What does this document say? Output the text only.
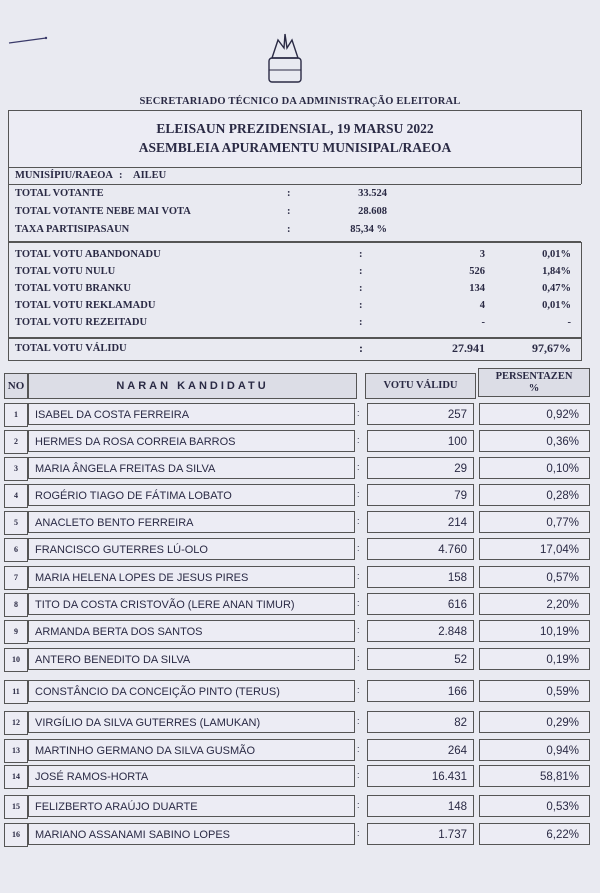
SECRETARIADO TÉCNICO DA ADMINISTRAÇÃO ELEITORAL
ELEISAUN PREZIDENSIAL, 19 MARSU 2022
ASEMBLEIA APURAMENTU MUNISIPAL/RAEOA
MUNISÍPIU/RAEOA : AILEU
TOTAL VOTANTE	:	33.524
TOTAL VOTANTE NEBE MAI VOTA	:	28.608
TAXA PARTISIPASAUN	:	85,34 %
TOTAL VOTU ABANDONADU	:	3	0,01%
TOTAL VOTU NULU	:	526	1,84%
TOTAL VOTU BRANKU	:	134	0,47%
TOTAL VOTU REKLAMADU	:	4	0,01%
TOTAL VOTU REZEITADU	:	-	-
TOTAL VOTU VÁLIDU	:	27.941	97,67%
NO	NARAN KANDIDATU	VOTU VÁLIDU
PERSENTAZEN
%
1	ISABEL DA COSTA FERREIRA	:	257	0,92%
2	HERMES DA ROSA CORREIA BARROS	:	100	0,36%
3	MARIA ÂNGELA FREITAS DA SILVA	:	29	0,10%
4	ROGÉRIO TIAGO DE FÁTIMA LOBATO	:	79	0,28%
5	ANACLETO BENTO FERREIRA	:	214	0,77%
6	FRANCISCO GUTERRES LÚ-OLO	:	4.760	17,04%
7	MARIA HELENA LOPES DE JESUS PIRES	:	158	0,57%
8	TITO DA COSTA CRISTOVÃO (LERE ANAN TIMUR)	:	616	2,20%
9	ARMANDA BERTA DOS SANTOS	:	2.848	10,19%
10	ANTERO BENEDITO DA SILVA	:	52	0,19%
11	CONSTÂNCIO DA CONCEIÇÃO PINTO (TERUS)	:	166	0,59%
12	VIRGÍLIO DA SILVA GUTERRES (LAMUKAN)	:	82	0,29%
13	MARTINHO GERMANO DA SILVA GUSMÃO	:	264	0,94%
14	JOSÉ RAMOS-HORTA	:	16.431	58,81%
15	FELIZBERTO ARAÚJO DUARTE	:	148	0,53%
16	MARIANO ASSANAMI SABINO LOPES	:	1.737	6,22%
